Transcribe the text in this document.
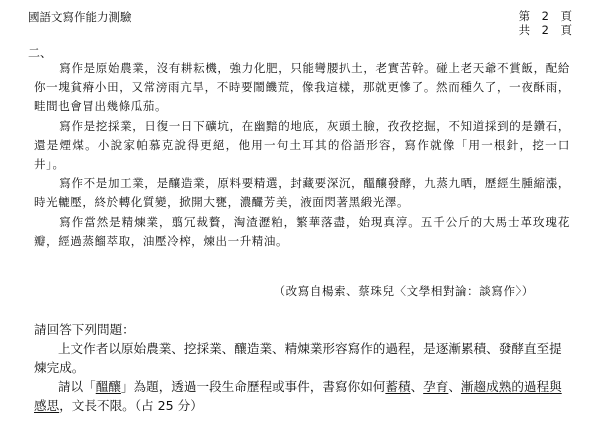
國語文寫作能力測驗	第　2　頁
共　2　頁
二、

寫作是原始農業，沒有耕耘機，強力化肥，只能彎腰扒土，老實苦幹。碰上老天爺不賞飯，配給你一塊貧瘠小田，又常滂雨亢旱，不時要鬧饑荒，像我這樣，那就更慘了。然而種久了，一夜酥雨，畦間也會冒出幾條瓜茄。

寫作是挖採業，日復一日下礦坑，在幽黯的地底，灰頭土臉，孜孜挖掘，不知道採到的是鑽石，還是煙煤。小說家帕慕克說得更絕，他用一句土耳其的俗語形容，寫作就像「用一根針，挖一口井」。

寫作不是加工業，是釀造業，原料要精選，封藏要深沉，醞釀發酵，九蒸九晒，歷經生腫縮漲，時光轆壓，終於轉化質變，掀開大甕，濃釅芳美，液面閃著黑緞光澤。

寫作當然是精煉業，翦冗裁贅，淘渣瀝粕，繁華落盡，始現真淳。五千公斤的大馬士革玫瑰花瓣，經過蒸餾萃取，油壓冷榨，煉出一升精油。

（改寫自楊索、蔡珠兒〈文學相對論：談寫作〉）

請回答下列問題：

上文作者以原始農業、挖採業、釀造業、精煉業形容寫作的過程，是逐漸累積、發酵直至提煉完成。

請以「醞釀」為題，透過一段生命歷程或事件，書寫你如何蓄積、孕育、漸趨成熟的過程與感思，文長不限。（占 25 分）
